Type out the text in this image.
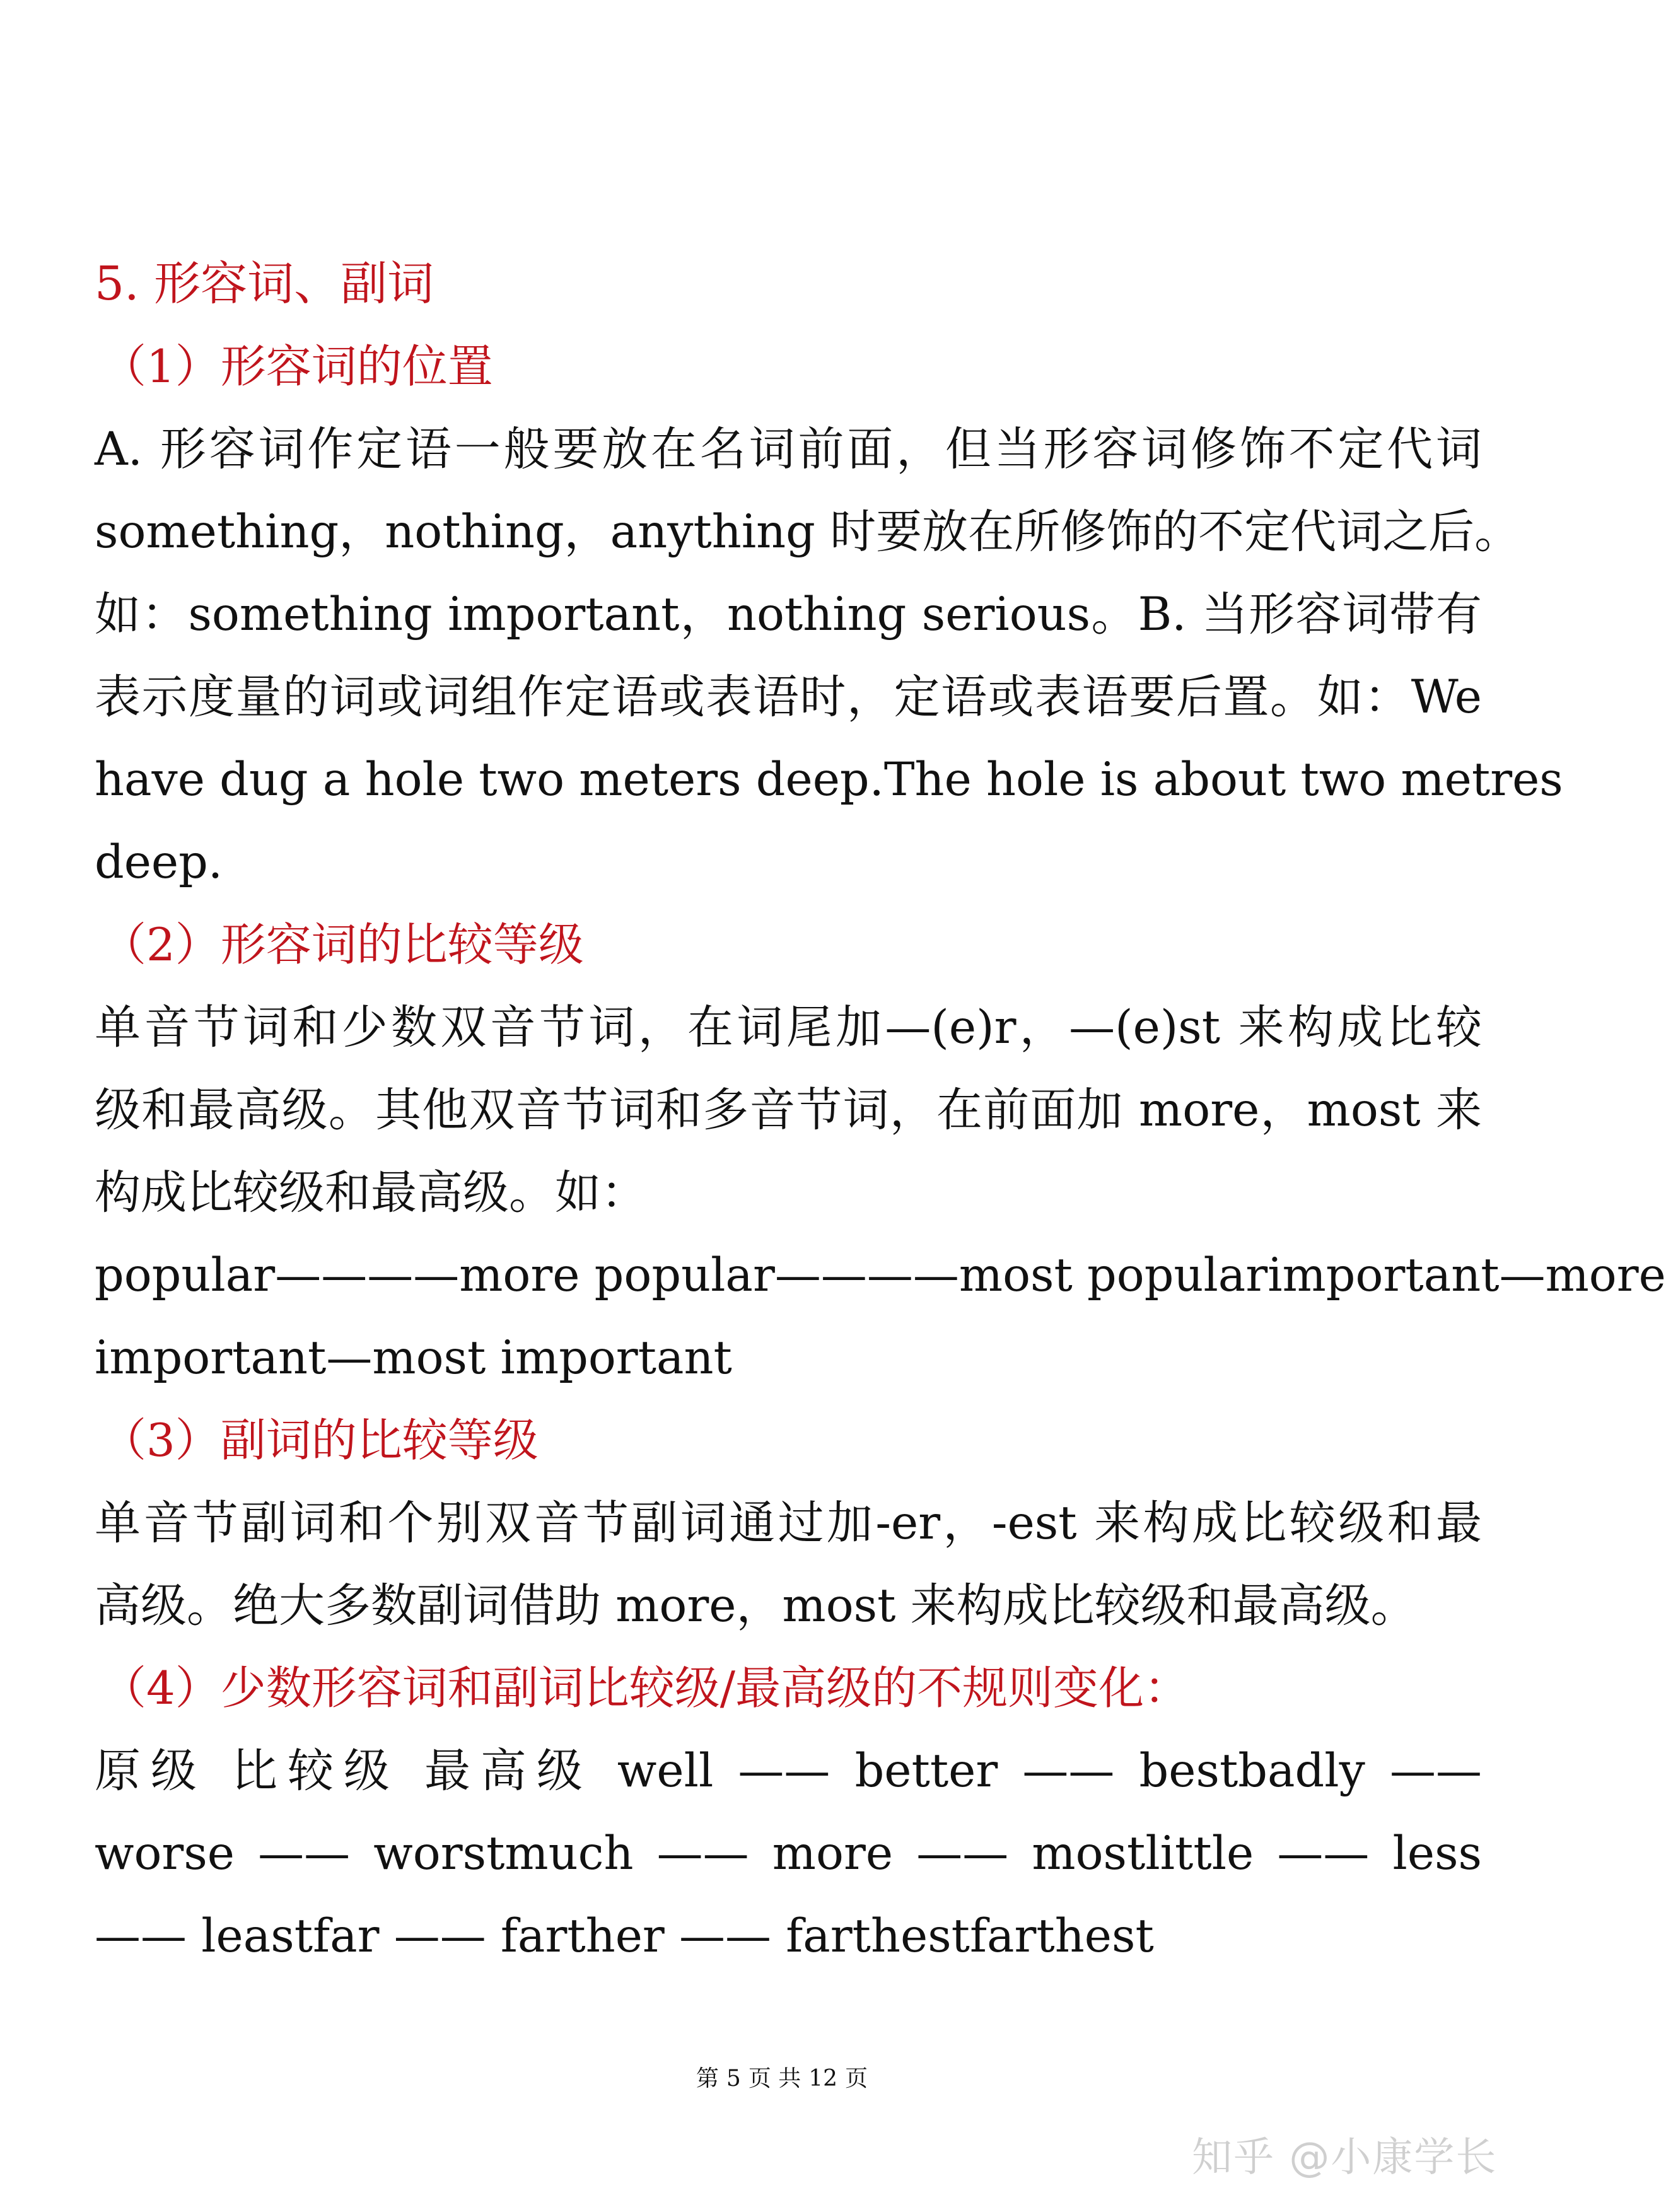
5. 形容词、副词
（1）形容词的位置
A. 形容词作定语一般要放在名词前面，但当形容词修饰不定代词
something，nothing，anything 时要放在所修饰的不定代词之后。
如：something important，nothing serious。B. 当形容词带有
表示度量的词或词组作定语或表语时，定语或表语要后置。如：We
have dug a hole two meters deep.The hole is about two metres
deep.
（2）形容词的比较等级
单音节词和少数双音节词，在词尾加—(e)r，—(e)st 来构成比较
级和最高级。其他双音节词和多音节词，在前面加 more，most 来
构成比较级和最高级。如：
popular————more popular————most popularimportant—more
important—most important
（3）副词的比较等级
单音节副词和个别双音节副词通过加-er，-est 来构成比较级和最
高级。绝大多数副词借助 more，most 来构成比较级和最高级。
（4）少数形容词和副词比较级/最高级的不规则变化：
原级 比较级 最高级 well —— better —— bestbadly ——
worse —— worstmuch —— more —— mostlittle —— less
—— leastfar —— farther —— farthestfarthest
第 5 页 共 12 页
知乎 @小康学长
